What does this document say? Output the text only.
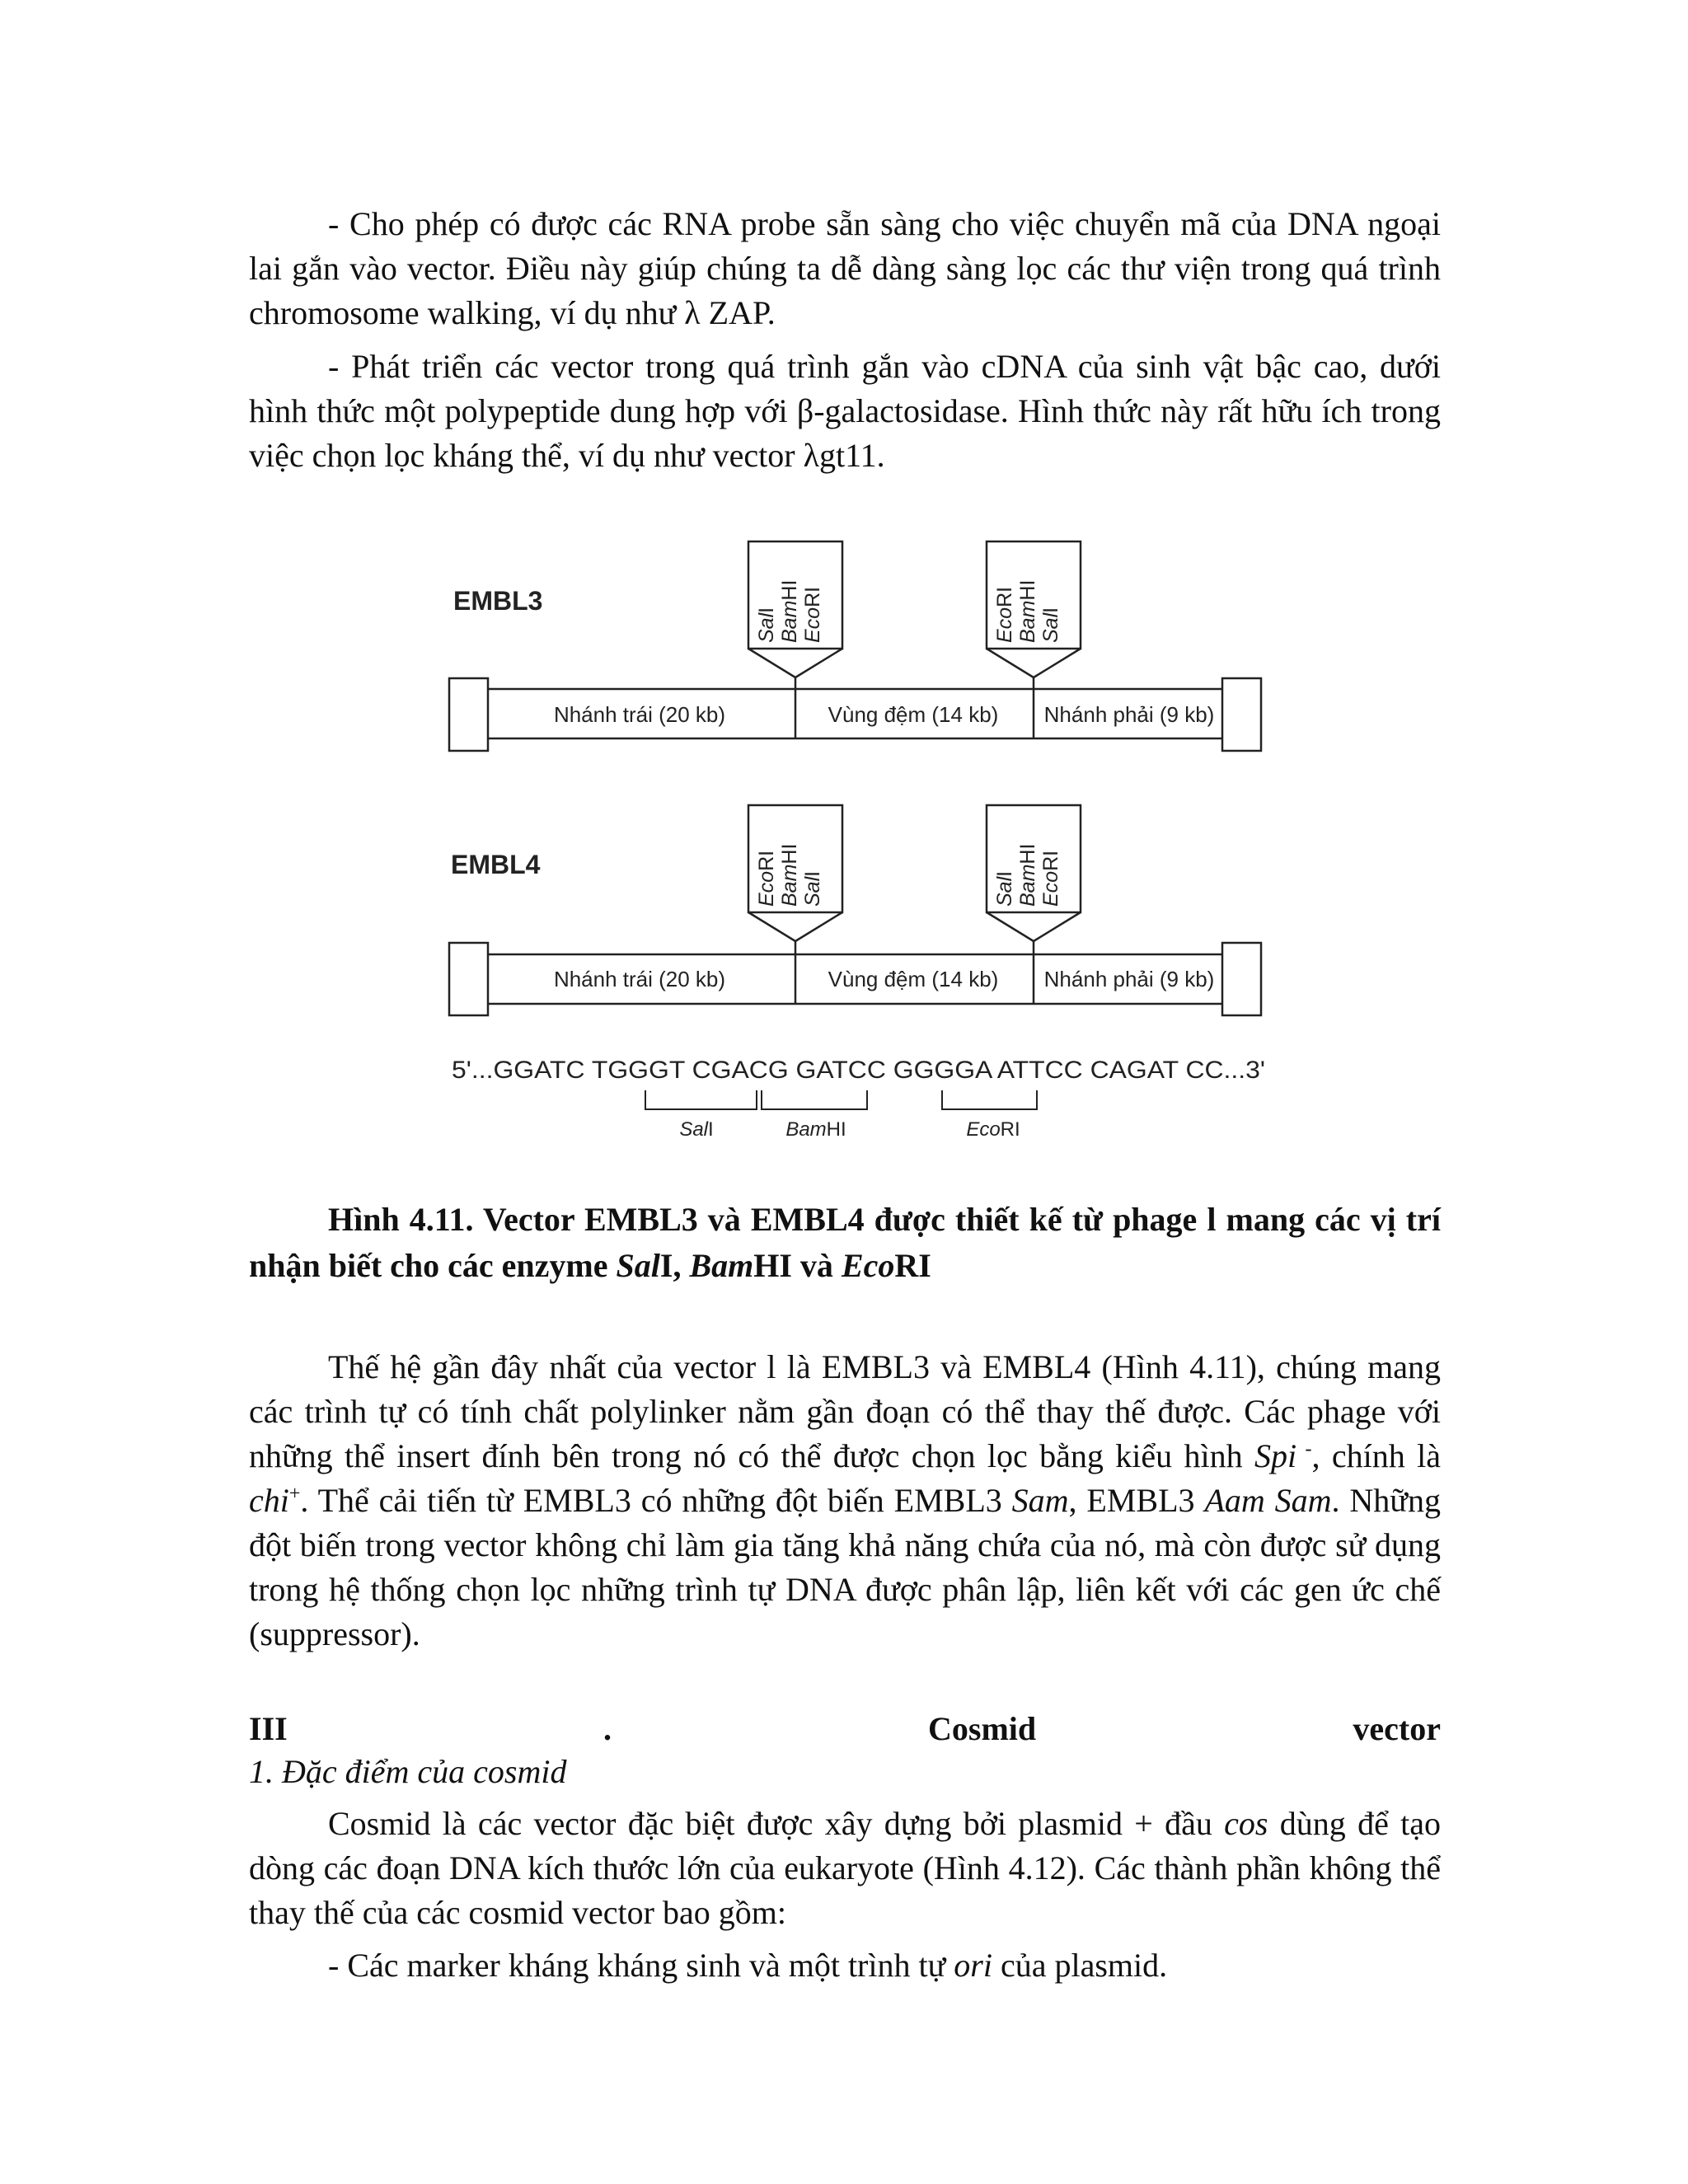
- Cho phép có được các RNA probe sẵn sàng cho việc chuyển mã của DNA ngoại lai gắn vào vector. Điều này giúp chúng ta dễ dàng sàng lọc các thư viện trong quá trình chromosome walking, ví dụ như λ ZAP.
- Phát triển các vector trong quá trình gắn vào cDNA của sinh vật bậc cao, dưới hình thức một polypeptide dung hợp với β-galactosidase. Hình thức này rất hữu ích trong việc chọn lọc kháng thể, ví dụ như vector λgt11.
EMBL3
SalI BamHI
EcoRI
EcoRI
BamHI
SalI
Nhánh trái (20 kb)	Vùng đệm (14 kb) Nhánh phải (9 kb)
EMBL4
EcoRI
BamHI
SalI
SalI BamHI
EcoRI
Nhánh trái (20 kb)	Vùng đệm (14 kb) Nhánh phải (9 kb)
5'...GGATC TGGGT CGACG GATCC GGGGA ATTCC CAGAT CC...3'
SalI	BamHI	EcoRI
Hình 4.11. Vector EMBL3 và EMBL4 được thiết kế từ phage l mang các vị trí nhận biết cho các enzyme SalI, BamHI và EcoRI
Thế hệ gần đây nhất của vector l là EMBL3 và EMBL4 (Hình 4.11), chúng mang các trình tự có tính chất polylinker nằm gần đoạn có thể thay thế được. Các phage với những thể insert đính bên trong nó có thể được chọn lọc bằng kiểu hình Spi -, chính là chi+. Thể cải tiến từ EMBL3 có những đột biến EMBL3 Sam, EMBL3 Aam Sam. Những đột biến trong vector không chỉ làm gia tăng khả năng chứa của nó, mà còn được sử dụng trong hệ thống chọn lọc những trình tự DNA được phân lập, liên kết với các gen ức chế (suppressor).
III	.	Cosmid	vector
1. Đặc điểm của cosmid
Cosmid là các vector đặc biệt được xây dựng bởi plasmid + đầu cos dùng để tạo dòng các đoạn DNA kích thước lớn của eukaryote (Hình 4.12). Các thành phần không thể thay thế của các cosmid vector bao gồm:
- Các marker kháng kháng sinh và một trình tự ori của plasmid.
